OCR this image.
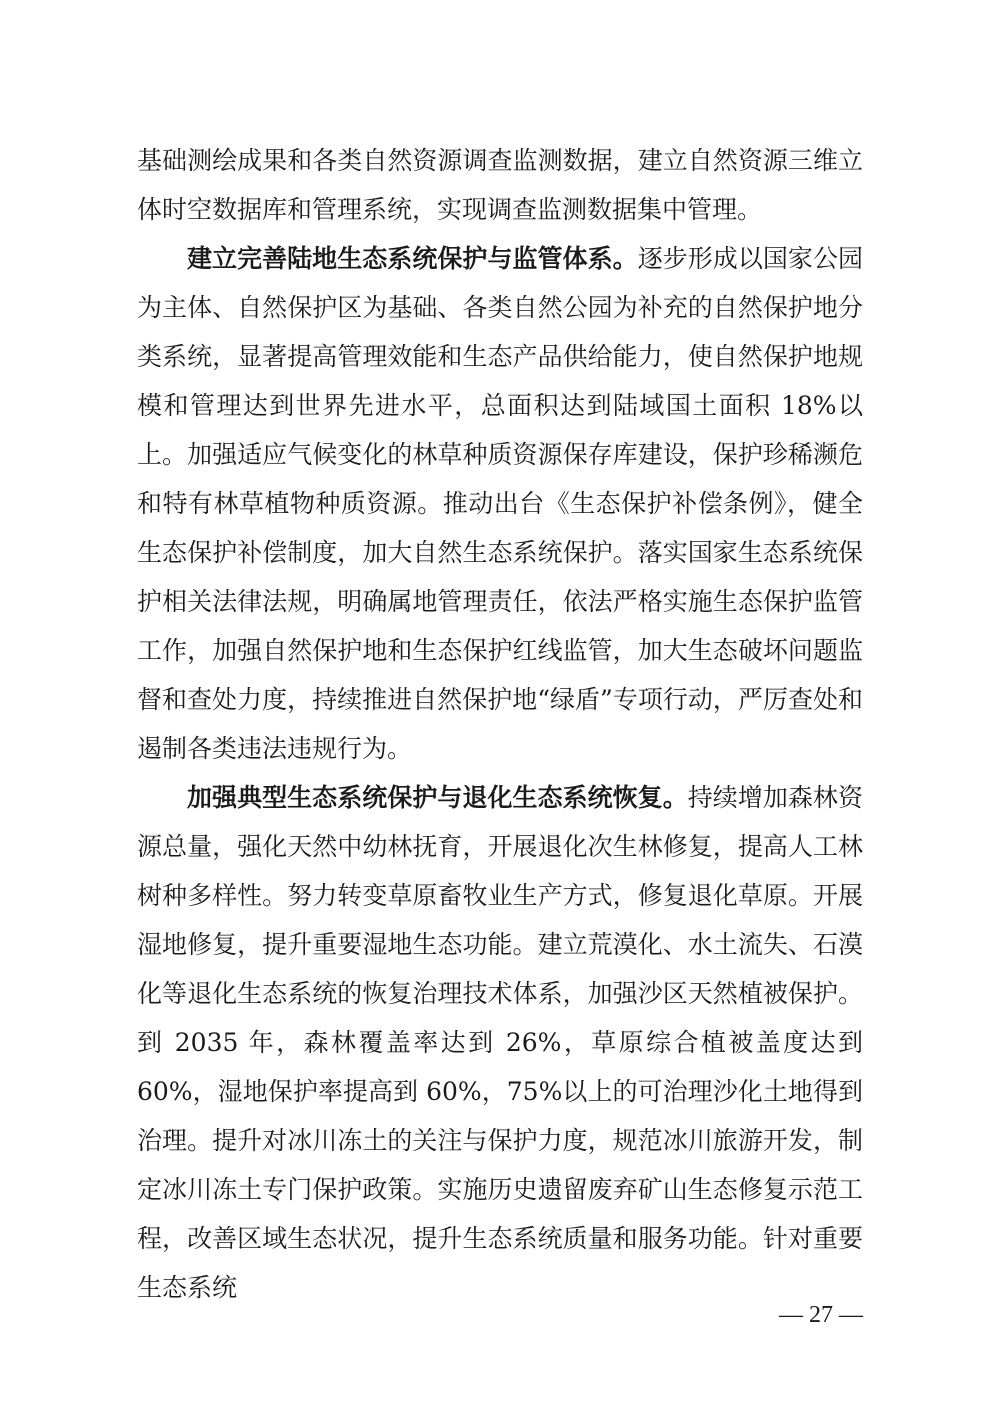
基础测绘成果和各类自然资源调查监测数据，建立自然资源三维立体时空数据库和管理系统，实现调查监测数据集中管理。

建立完善陆地生态系统保护与监管体系。逐步形成以国家公园为主体、自然保护区为基础、各类自然公园为补充的自然保护地分类系统，显著提高管理效能和生态产品供给能力，使自然保护地规模和管理达到世界先进水平，总面积达到陆域国土面积 18%以上。加强适应气候变化的林草种质资源保存库建设，保护珍稀濒危和特有林草植物种质资源。推动出台《生态保护补偿条例》，健全生态保护补偿制度，加大自然生态系统保护。落实国家生态系统保护相关法律法规，明确属地管理责任，依法严格实施生态保护监管工作，加强自然保护地和生态保护红线监管，加大生态破坏问题监督和查处力度，持续推进自然保护地“绿盾”专项行动，严厉查处和遏制各类违法违规行为。

加强典型生态系统保护与退化生态系统恢复。持续增加森林资源总量，强化天然中幼林抚育，开展退化次生林修复，提高人工林树种多样性。努力转变草原畜牧业生产方式，修复退化草原。开展湿地修复，提升重要湿地生态功能。建立荒漠化、水土流失、石漠化等退化生态系统的恢复治理技术体系，加强沙区天然植被保护。到 2035 年，森林覆盖率达到 26%，草原综合植被盖度达到 60%，湿地保护率提高到 60%，75%以上的可治理沙化土地得到治理。提升对冰川冻土的关注与保护力度，规范冰川旅游开发，制定冰川冻土专门保护政策。实施历史遗留废弃矿山生态修复示范工程，改善区域生态状况，提升生态系统质量和服务功能。针对重要生态系统

— 27 —
